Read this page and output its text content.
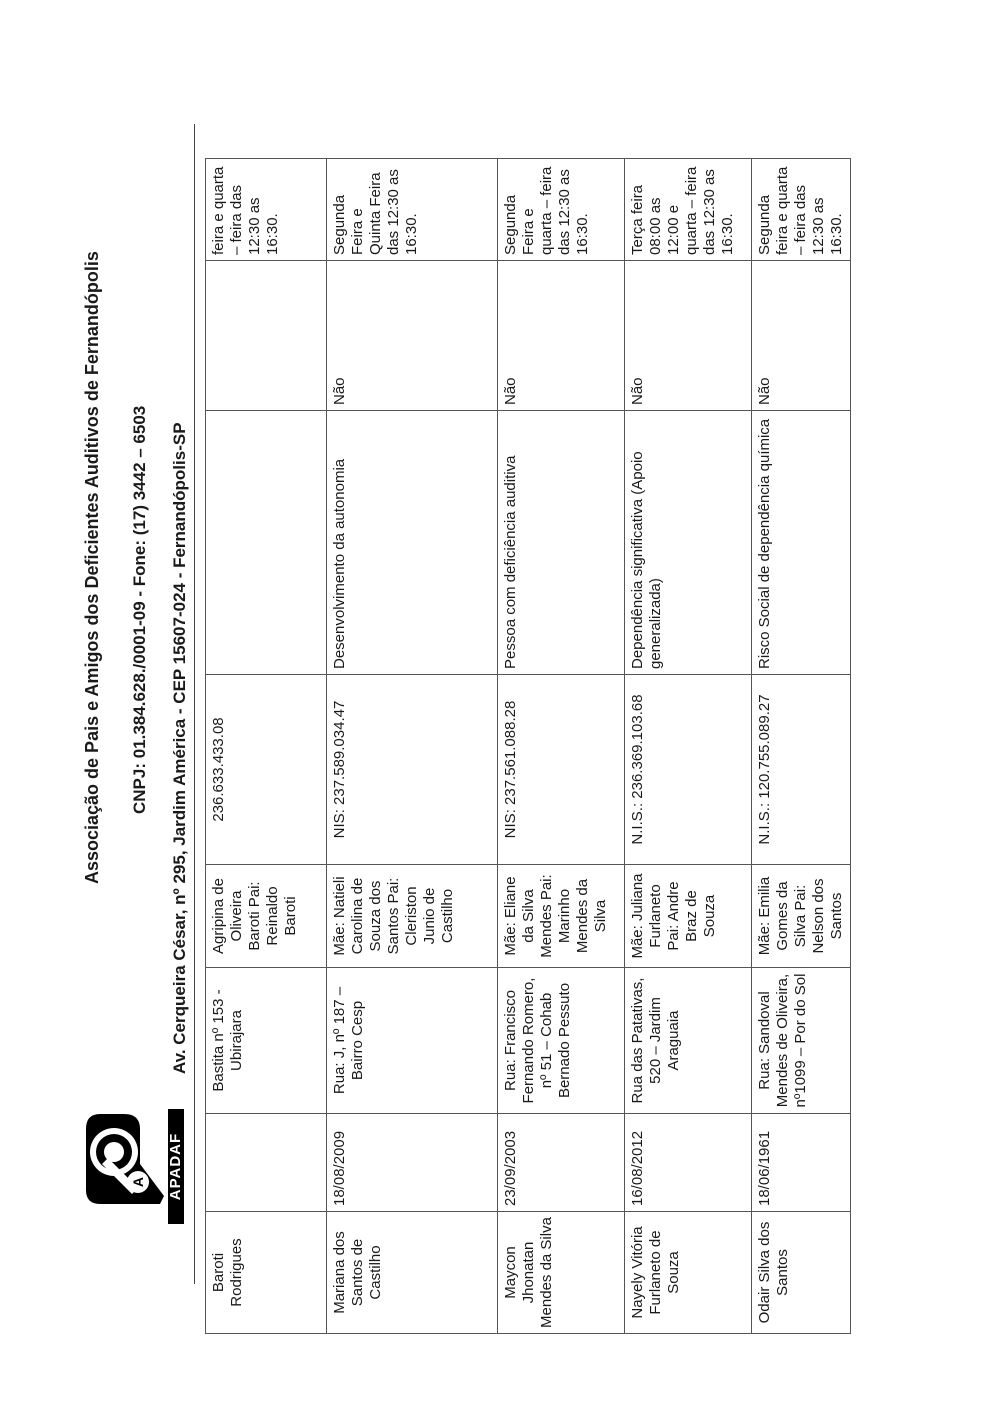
A APADAF
Associação de Pais e Amigos dos Deficientes Auditivos de Fernandópolis CNPJ: 01.384.628./0001-09 - Fone: (17) 3442 – 6503 Av. Cerqueira César, nº 295, Jardim América - CEP 15607-024 - Fernandópolis-SP
Baroti Rodrigues		Bastita nº 153 - Ubirajara	Agripina de Oliveira Baroti Pai: Reinaldo Baroti	236.633.433.08			feira e quarta – feira das 12:30 as 16:30.
Mariana dos Santos de Castilho	18/08/2009	Rua: J, nº 187 – Bairro Cesp	Mãe: Natieli Carolina de Souza dos Santos Pai: Cleriston Junio de Castilho	NIS: 237.589.034.47	Desenvolvimento da autonomia	Não	Segunda Feira e Quinta Feira das 12:30 as 16:30.
Maycon Jhonatan Mendes da Silva	23/09/2003	Rua: Francisco Fernando Romero, nº 51 – Cohab Bernado Pessuto	Mãe: Eliane da Silva Mendes Pai: Marinho Mendes da Silva	NIS: 237.561.088.28	Pessoa com deficiência auditiva	Não	Segunda Feira e quarta – feira das 12:30 as 16:30.
Nayely Vitória Furlaneto de Souza	16/08/2012	Rua das Patativas, 520 – Jardim Araguaia	Mãe: Juliana Furlaneto Pai: Andre Braz de Souza	N.I.S.: 236.369.103.68	Dependência significativa (Apoio generalizada)	Não	Terça feira 08:00 as 12:00 e quarta – feira das 12:30 as 16:30.
Odair Silva dos Santos	18/06/1961	Rua: Sandoval Mendes de Oliveira, nº1099 – Por do Sol	Mãe: Emilia Gomes da Silva Pai: Nelson dos Santos	N.I.S.: 120.755.089.27	Risco Social de dependência química	Não	Segunda feira e quarta – feira das 12:30 as 16:30.
